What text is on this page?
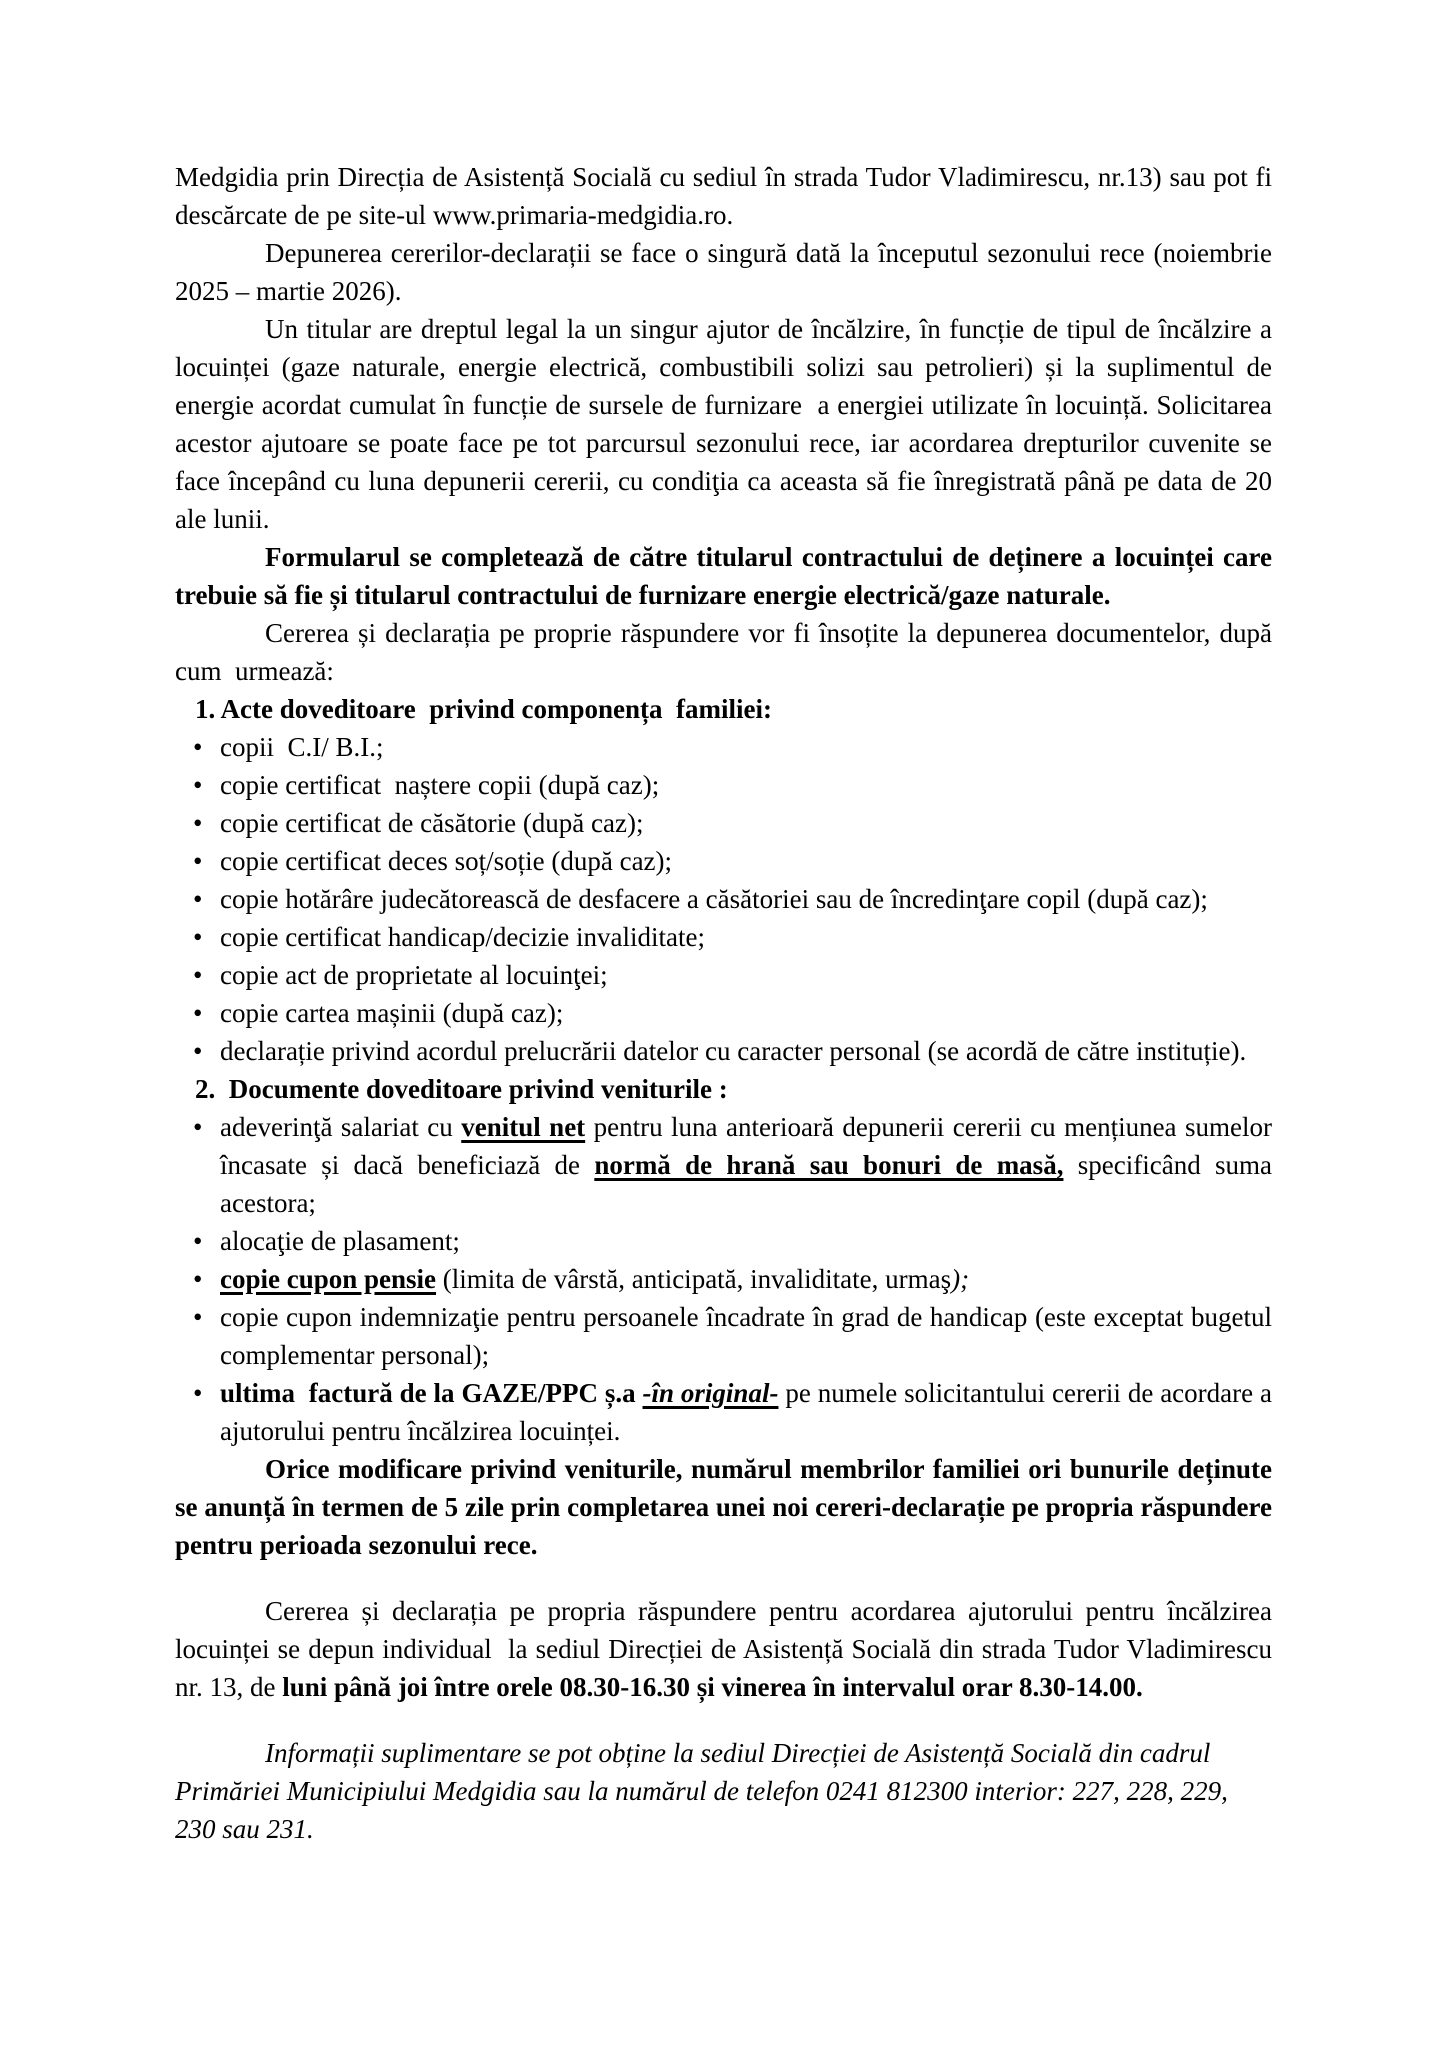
Medgidia prin Direcția de Asistență Socială cu sediul în strada Tudor Vladimirescu, nr.13) sau pot fi descărcate de pe site-ul www.primaria-medgidia.ro.

Depunerea cererilor-declarații se face o singură dată la începutul sezonului rece (noiembrie 2025 – martie 2026).

Un titular are dreptul legal la un singur ajutor de încălzire, în funcție de tipul de încălzire a locuinței (gaze naturale, energie electrică, combustibili solizi sau petrolieri) și la suplimentul de energie acordat cumulat în funcție de sursele de furnizare  a energiei utilizate în locuință. Solicitarea acestor ajutoare se poate face pe tot parcursul sezonului rece, iar acordarea drepturilor cuvenite se face începând cu luna depunerii cererii, cu condiţia ca aceasta să fie înregistrată până pe data de 20 ale lunii.

Formularul se completează de către titularul contractului de deținere a locuinței care trebuie să fie și titularul contractului de furnizare energie electrică/gaze naturale.

Cererea și declarația pe proprie răspundere vor fi însoțite la depunerea documentelor, după cum  urmează:

1. Acte doveditoare  privind componența  familiei:

• copii  C.I/ B.I.;
• copie certificat  naștere copii (după caz);
• copie certificat de căsătorie (după caz);
• copie certificat deces soț/soție (după caz);
• copie hotărâre judecătorească de desfacere a căsătoriei sau de încredinţare copil (după caz);
• copie certificat handicap/decizie invaliditate;
• copie act de proprietate al locuinţei;
• copie cartea mașinii (după caz);
• declarație privind acordul prelucrării datelor cu caracter personal (se acordă de către instituție).

2.  Documente doveditoare privind veniturile :

• adeverinţă salariat cu venitul net pentru luna anterioară depunerii cererii cu mențiunea sumelor încasate și dacă beneficiază de normă de hrană sau bonuri de masă, specificând suma acestora;
• alocaţie de plasament;
• copie cupon pensie (limita de vârstă, anticipată, invaliditate, urmaş);
• copie cupon indemnizaţie pentru persoanele încadrate în grad de handicap (este exceptat bugetul complementar personal);
• ultima  factură de la GAZE/PPC ș.a -în original- pe numele solicitantului cererii de acordare a ajutorului pentru încălzirea locuinței.

Orice modificare privind veniturile, numărul membrilor familiei ori bunurile deținute se anunță în termen de 5 zile prin completarea unei noi cereri-declarație pe propria răspundere pentru perioada sezonului rece.

Cererea și declarația pe propria răspundere pentru acordarea ajutorului pentru încălzirea locuinței se depun individual  la sediul Direcției de Asistență Socială din strada Tudor Vladimirescu nr. 13, de luni până joi între orele 08.30-16.30 și vinerea în intervalul orar 8.30-14.00.

Informații suplimentare se pot obține la sediul Direcției de Asistență Socială din cadrul Primăriei Municipiului Medgidia sau la numărul de telefon 0241 812300 interior: 227, 228, 229, 230 sau 231.
